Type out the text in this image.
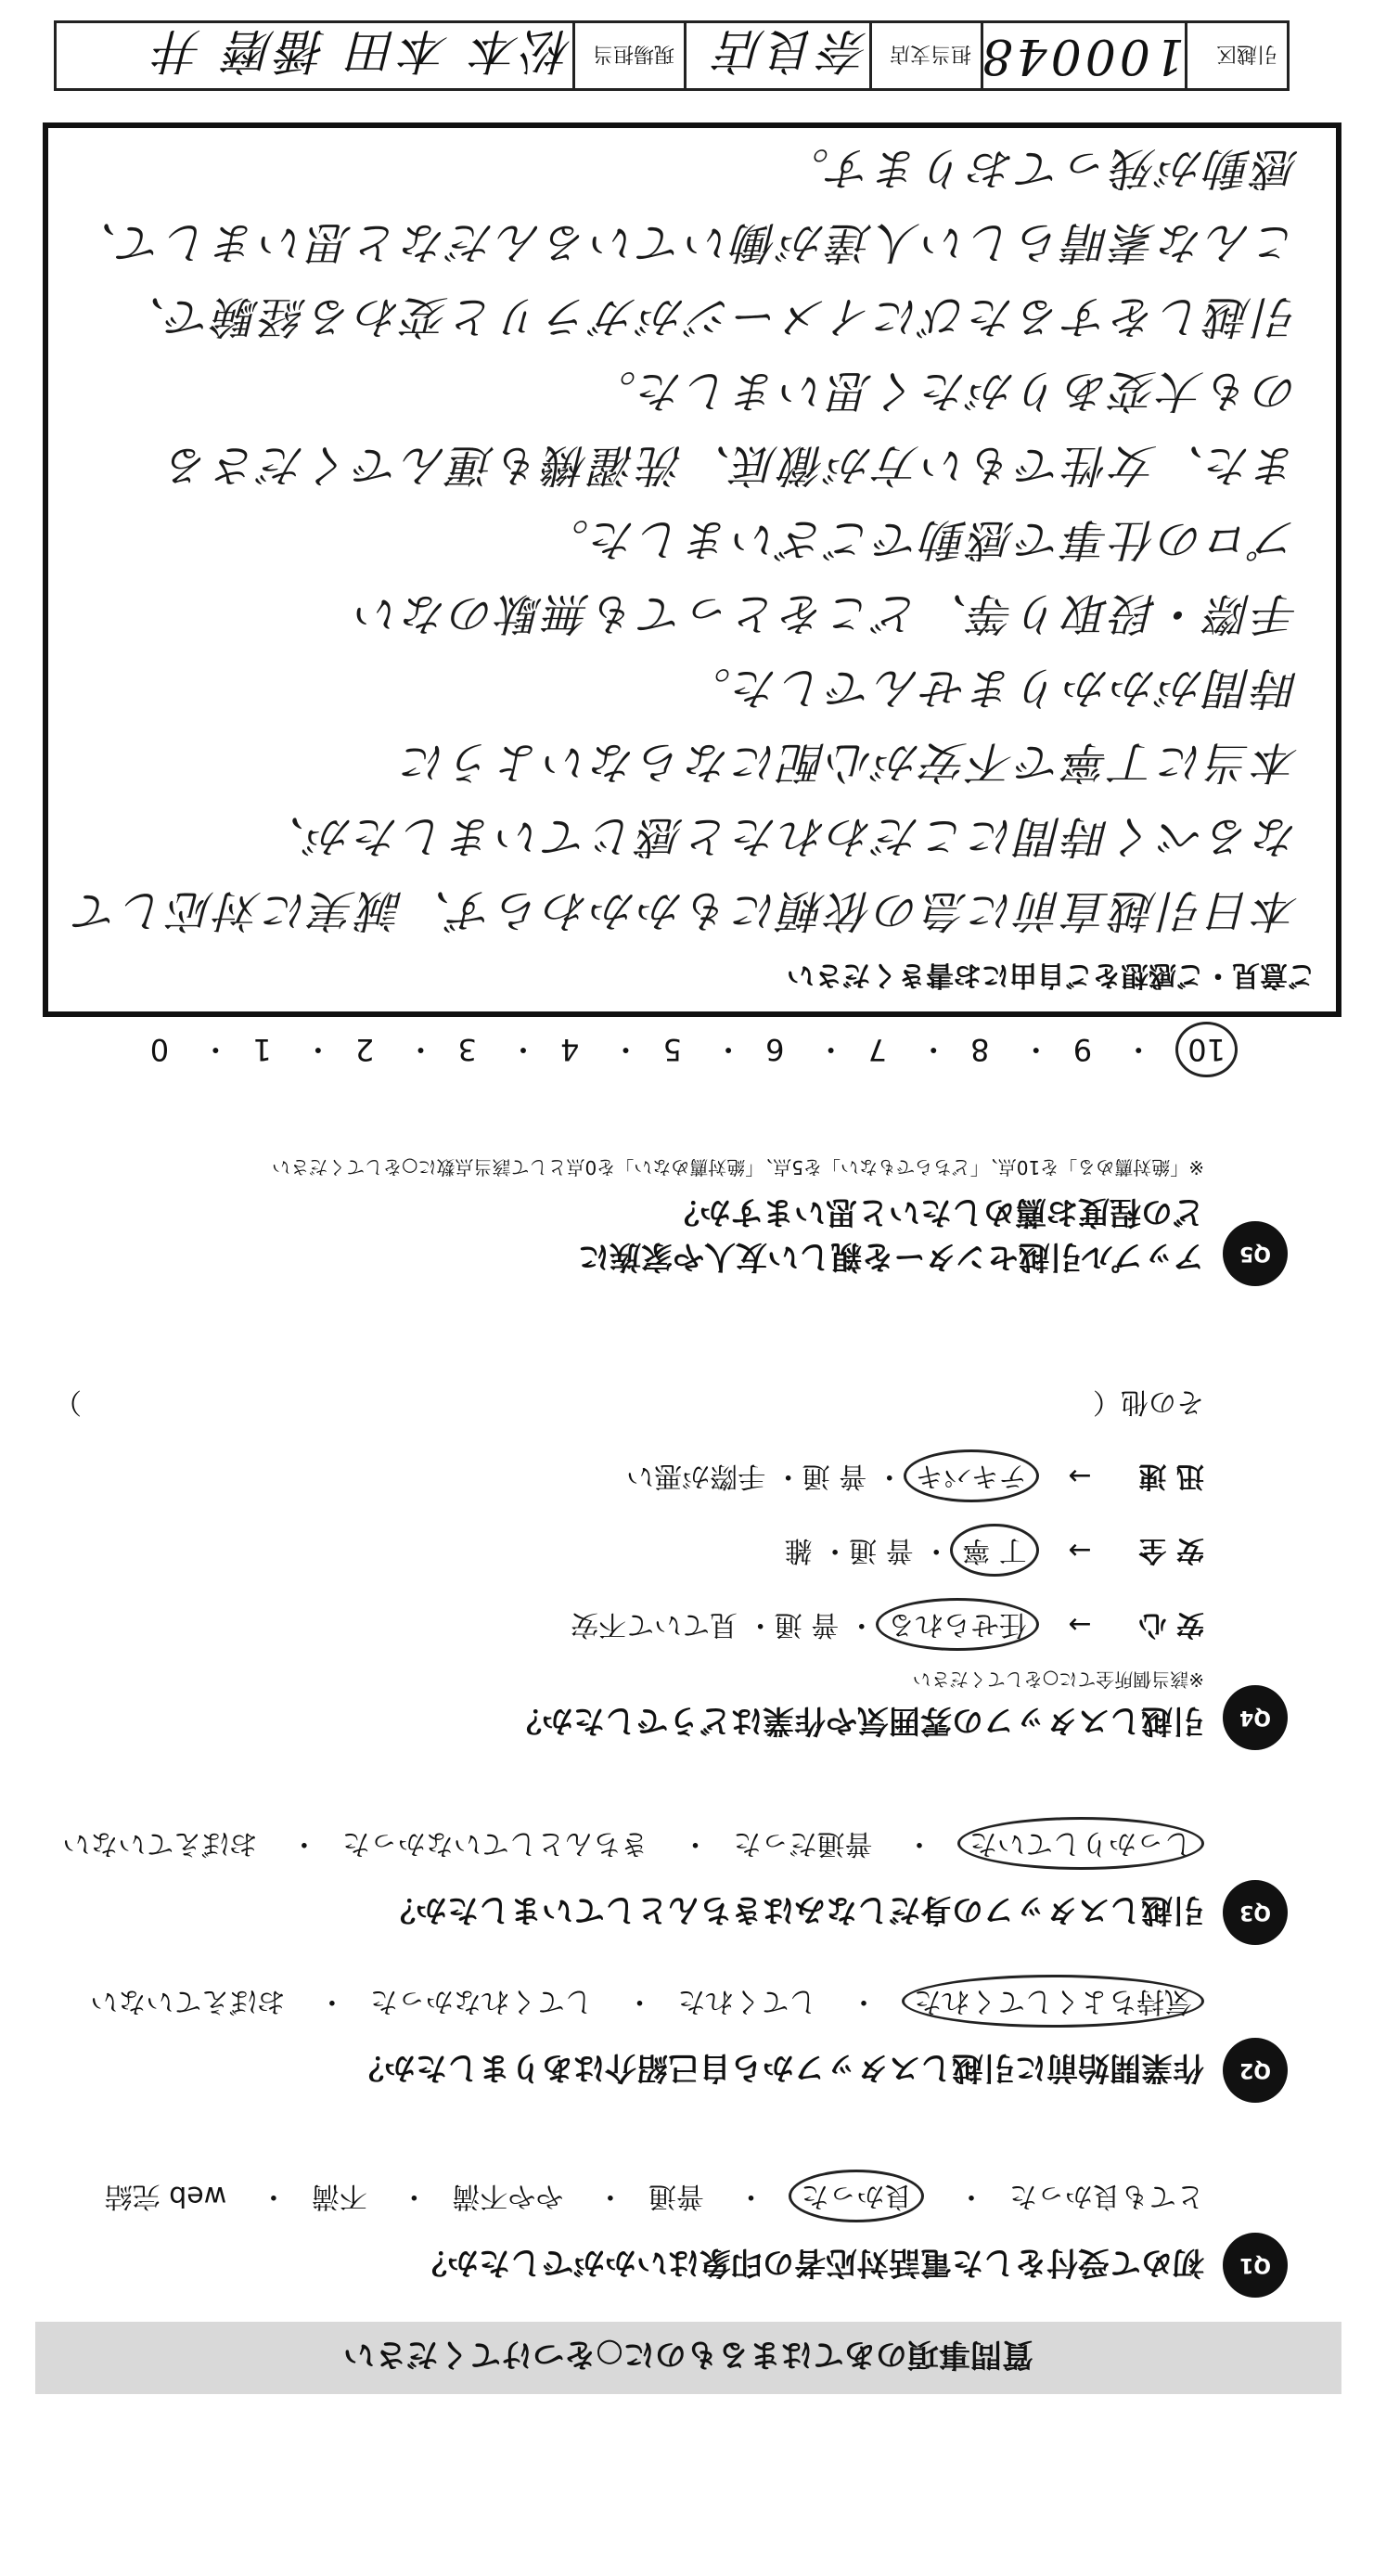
引越区
100048
担当支店
奈良店
現場担当
松本 本田 播磨 井
ご意見・ご感想をご自由にお書きください
本日引越直前に急の依頼にもかかわらず、誠実に対応して
なるべく時間にこだわれたと感じていましたが、
本当に丁寧で不安が心配にならないように
時間がかかりませんでした。
手際・段取り等、どこをとっても無駄のない
プロの仕事で感動でございました。
また、女性でもい方が徹底、洗濯機も運んでくださる
のも大変ありがたく思いました。
引越しをするたびにイメージがガラリと変わる経験で、
こんな素晴らしい人達が働いているんだなと思いまして、
感動が残っております。
10・ 9・ 8・ 7・ 6・ 5・ 4・ 3・ 2・ 1・ 0
Q5
アップル引越センターを親しい友人や家族に
どの程度お薦めしたいと思いますか？
※「絶対薦める」を10点、「どちらでもない」を5点、「絶対薦めない」を0点として該当点数に○をしてください
Q4
引越しスタッフの雰囲気や作業はどうでしたか？
※該当個所全てに○をしてください
安 心 → 任せられる・ 普 通・ 見ていて不安
安 全 → 丁 寧・ 普 通・ 雑
迅 速 → テキパキ・ 普 通・ 手際が悪い
その他（
）
Q3
引越しスタッフの身だしなみはきちんとしていましたか？
しっかりしていた・ 普通だった・ きちんとしていなかった・ おぼえていない
Q2
作業開始前に引越しスタッフから自己紹介はありましたか？
気持ちよくしてくれた・ してくれた・ してくれなかった・ おぼえていない
Q1
初めて受付をした電話対応者の印象はいかがでしたか？
とても良かった・ 良かった・ 普通・ やや不満・ 不満・ web 完結
質問事項のあてはまるものに○をつけてください
